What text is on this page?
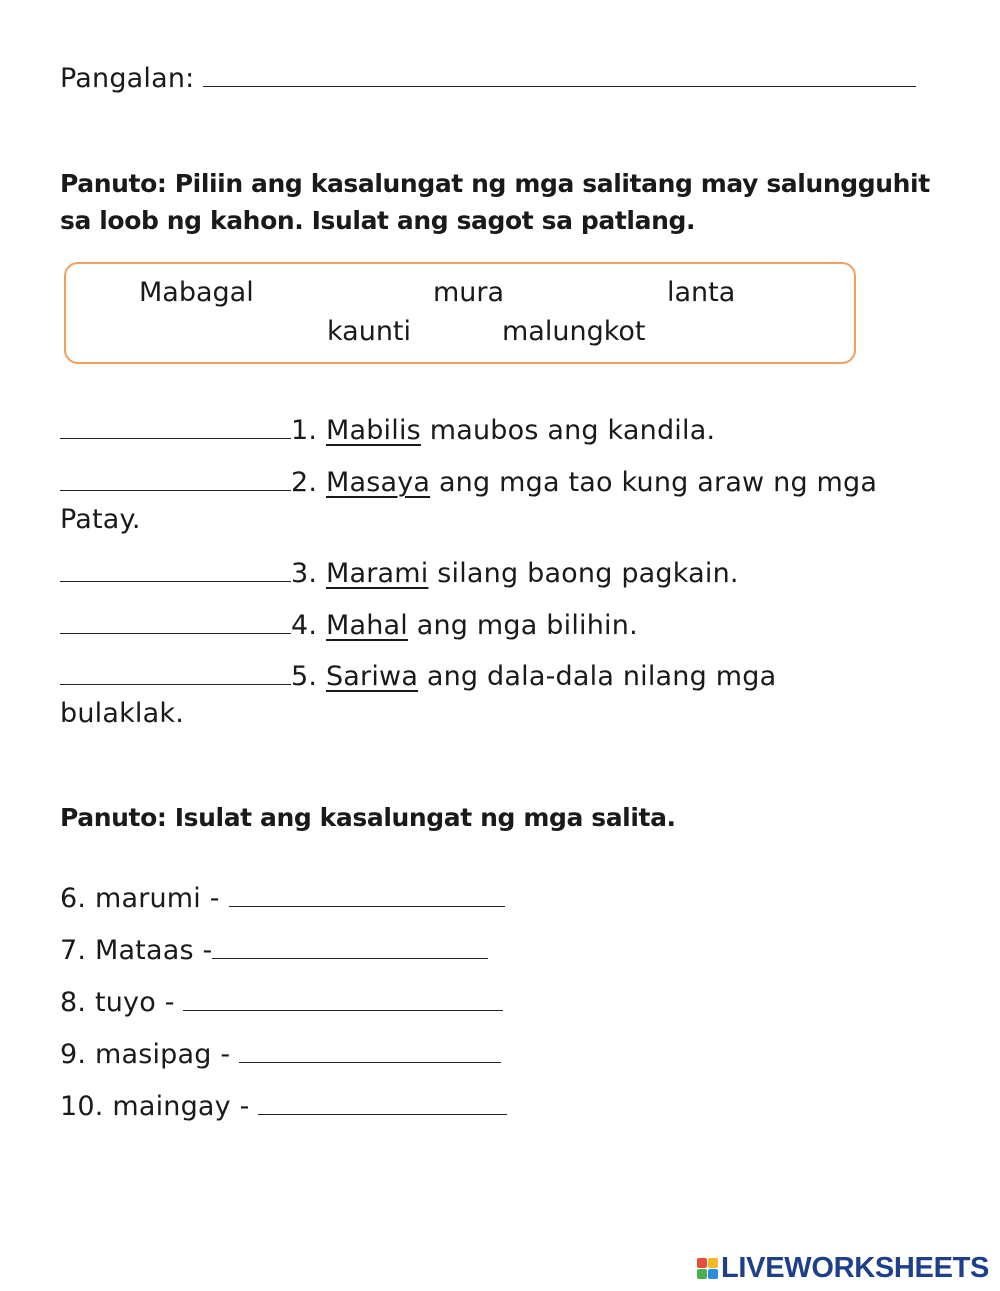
Pangalan:
Panuto: Piliin ang kasalungat ng mga salitang may salungguhit
sa loob ng kahon. Isulat ang sagot sa patlang.
Mabagal	mura	lanta
kaunti	malungkot
1. Mabilis maubos ang kandila.
2. Masaya ang mga tao kung araw ng mga
Patay.
3. Marami silang baong pagkain.
4. Mahal ang mga bilihin.
5. Sariwa ang dala-dala nilang mga
bulaklak.
Panuto: Isulat ang kasalungat ng mga salita.
6. marumi -
7. Mataas -
8. tuyo -
9. masipag -
10. maingay -
LIVEWORKSHEETS
